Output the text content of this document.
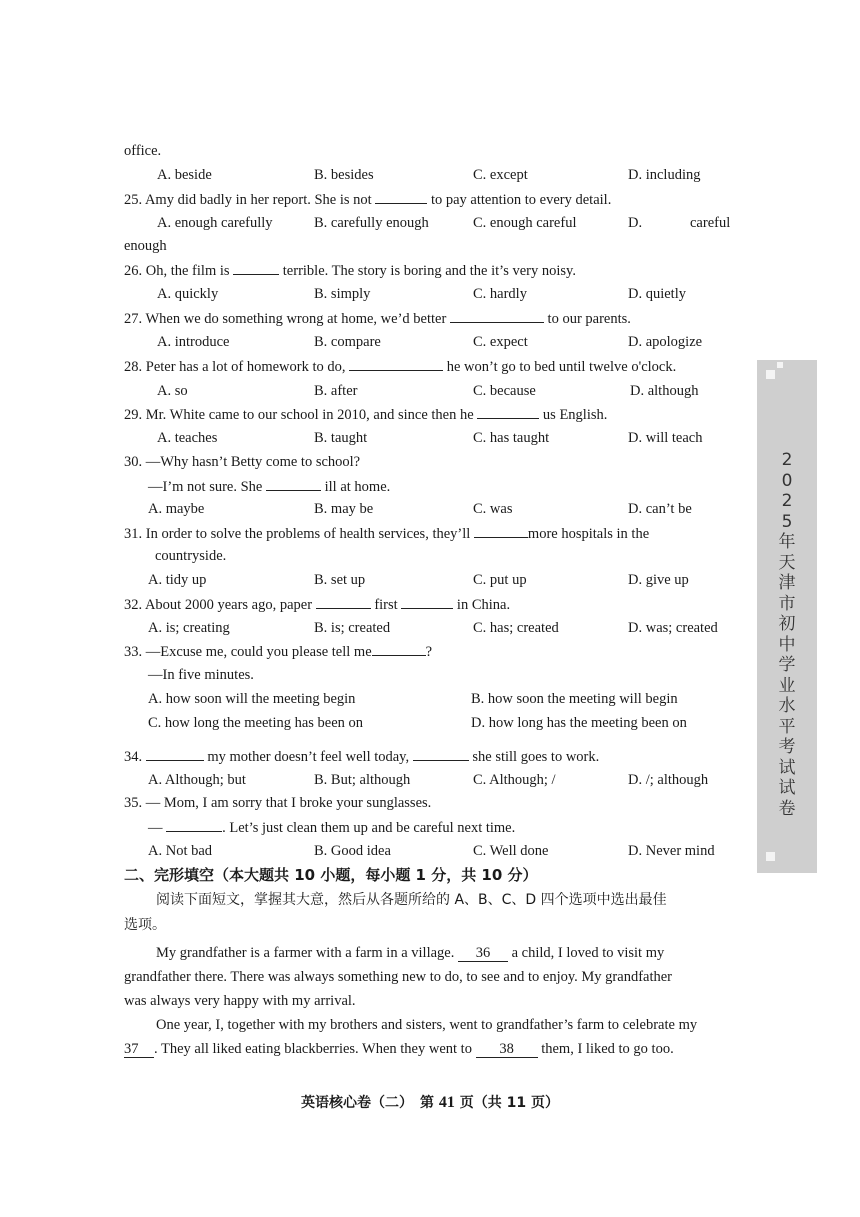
office.
A. beside	B. besides	C. except	D. including
25. Amy did badly in her report. She is not	to pay attention to every detail.
A. enough carefully	B. carefully enough	C. enough careful	D.	careful
enough
26. Oh, the film is	terrible. The story is boring and the it’s very noisy.
A. quickly	B. simply	C. hardly	D. quietly
27. When we do something wrong at home, we’d better	to our parents.
A. introduce	B. compare	C. expect	D. apologize
28. Peter has a lot of homework to do,	he won’t go to bed until twelve o'clock.
A. so	B. after	C. because	D. although
29. Mr. White came to our school in 2010, and since then he	us English.
A. teaches	B. taught	C. has taught	D. will teach
30. —Why hasn’t Betty come to school?
—I’m not sure. She	ill at home.
A. maybe	B. may be	C. was	D. can’t be
31. In order to solve the problems of health services, they’ll	more hospitals in the
countryside.
A. tidy up	B. set up	C. put up	D. give up
32. About 2000 years ago, paper	first	in China.
A. is; creating	B. is; created	C. has; created	D. was; created
33. —Excuse me, could you please tell me	?
—In five minutes.
A. how soon will the meeting begin	B. how soon the meeting will begin
C. how long the meeting has been on	D. how long has the meeting been on
34.	my mother doesn’t feel well today,	she still goes to work.
A. Although; but	B. But; although	C. Although; /	D. /; although
35. — Mom, I am sorry that I broke your sunglasses.
—	. Let’s just clean them up and be careful next time.
A. Not bad	B. Good idea	C. Well done	D. Never mind
二、完形填空（本大题共 10 小题，每小题 1 分，共 10 分）
阅读下面短文，掌握其大意，然后从各题所给的 A、B、C、D 四个选项中选出最佳
选项。
My grandfather is a farmer with a farm in a village. 36 a child, I loved to visit my
grandfather there. There was always something new to do, to see and to enjoy. My grandfather
was always very happy with my arrival.
One year, I, together with my brothers and sisters, went to grandfather’s farm to celebrate my
37 . They all liked eating blackberries. When they went to 38 them, I liked to go too.
2
0
2
5
年
天
津
市
初
中
学
业
水
平
考
试
试
卷
英语核心卷（二）　第 41 页（共 11 页）
